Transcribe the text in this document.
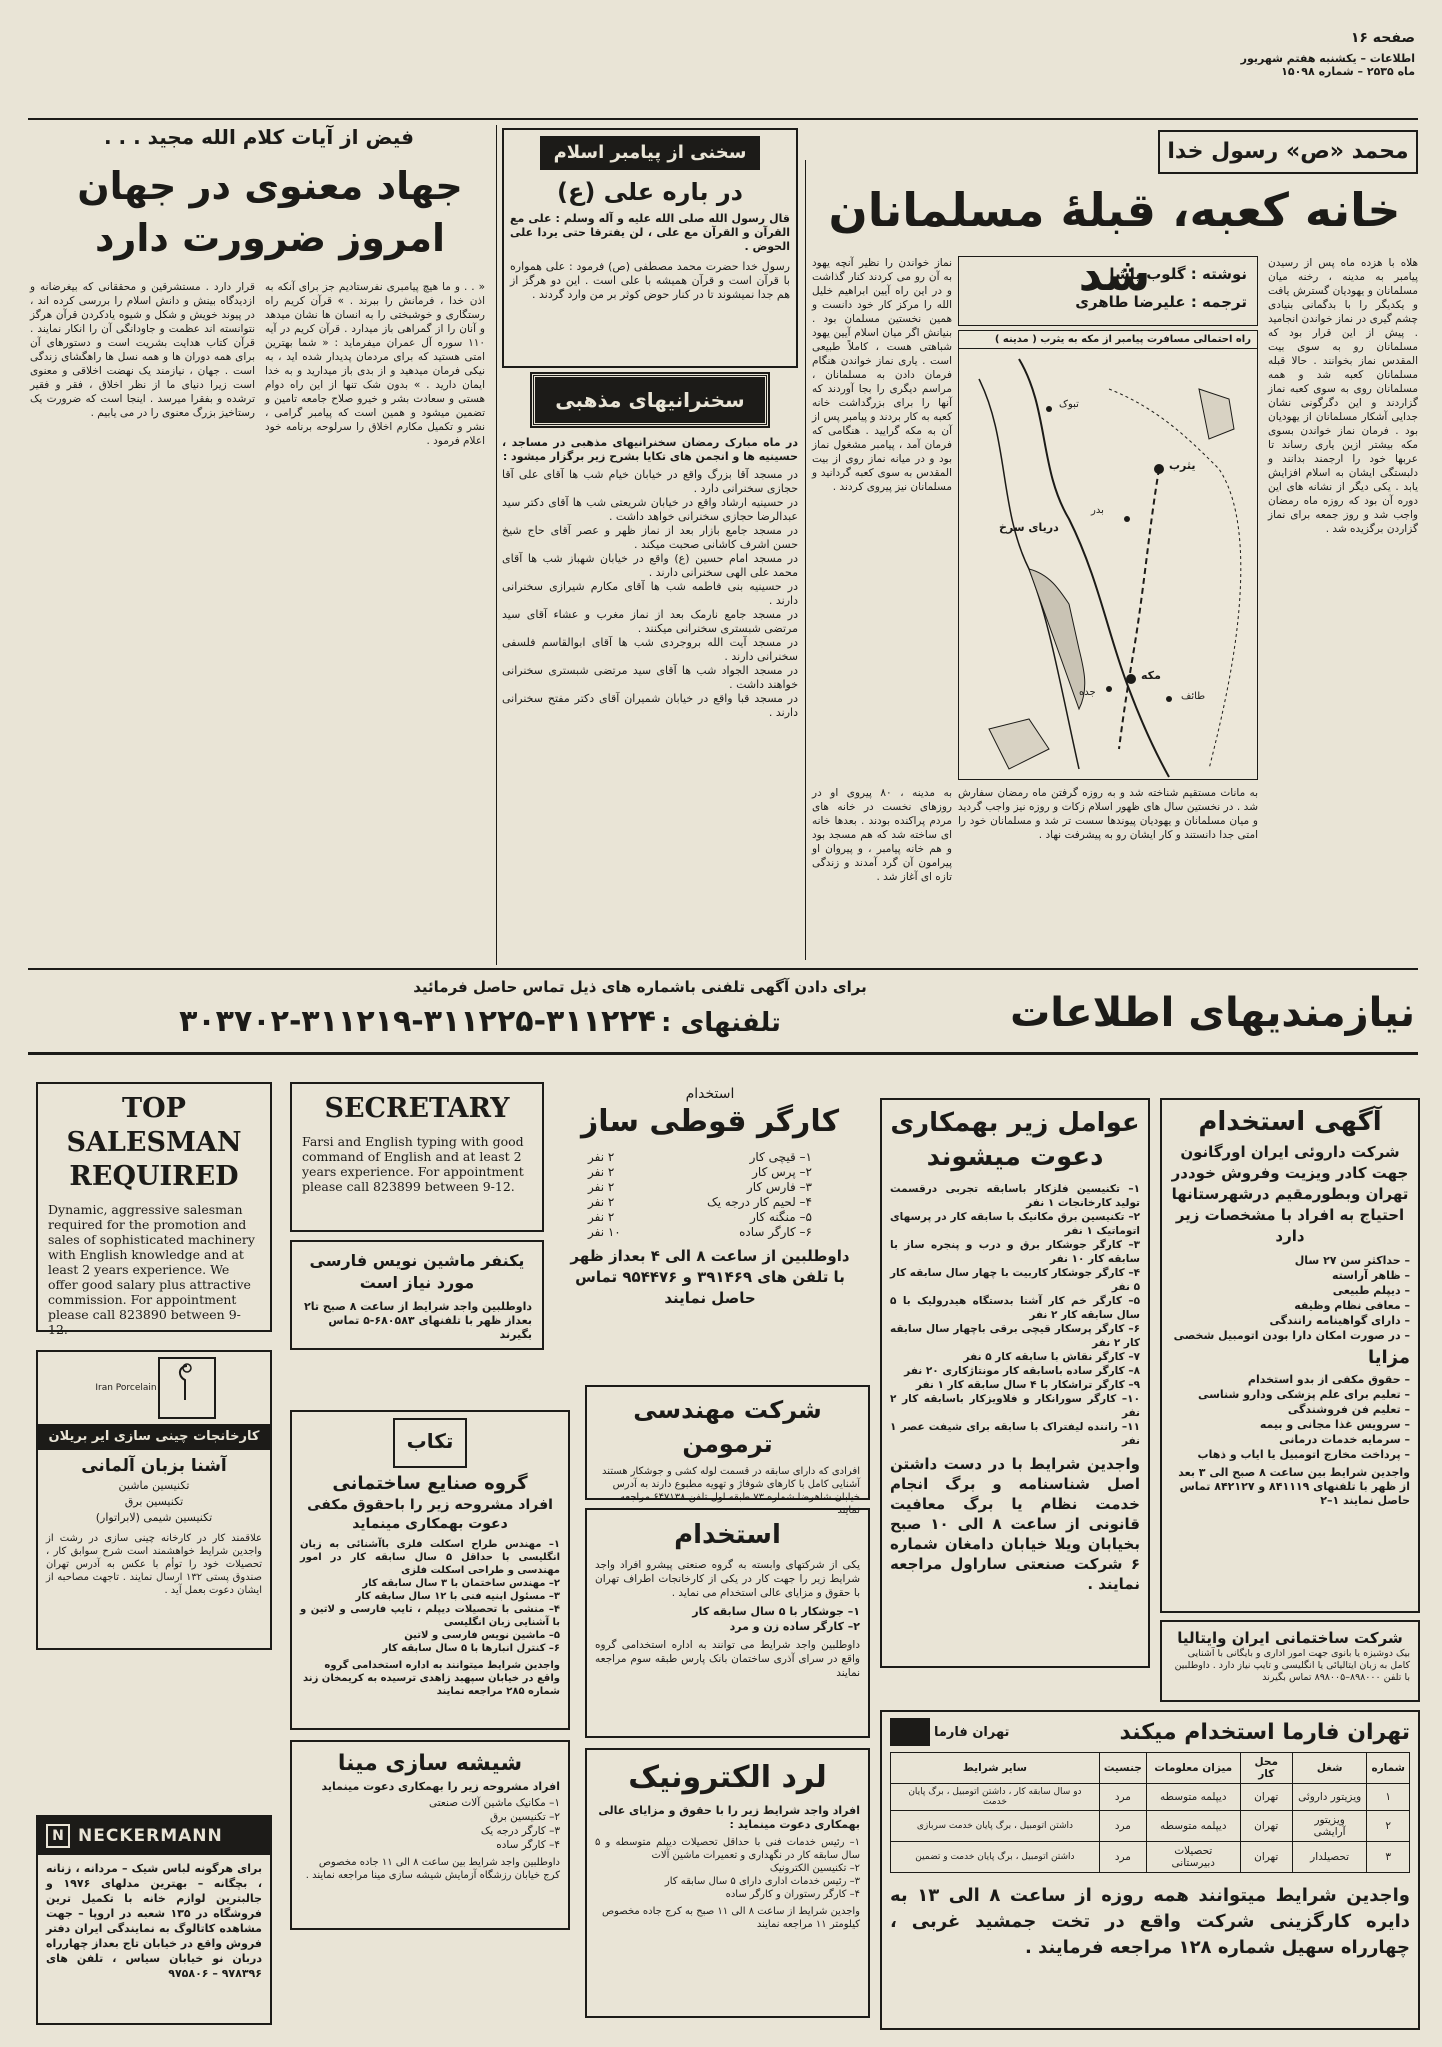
صفحه ۱۶
اطلاعات – یکشنبه هفتم شهریور
ماه ۲۵۳۵ – شماره ۱۵۰۹۸
محمد «ص» رسول خدا
خانه کعبه، قبلهٔ مسلمانان شد
نوشته : گلوب پاشا
ترجمه : علیرضا طاهری
راه احتمالی مسافرت پیامبر از مکه به یثرب ( مدینه )
یثرب
مکه
دریای سرخ
جده	طائف
بدر
تبوک
هلاه با هزده ماه پس از رسیدن پیامبر به مدینه ، رخنه میان مسلمانان و یهودیان گسترش یافت و یکدیگر را با بدگمانی بنیادی چشم گیری در نماز خواندن انجامید . پیش از این قرار بود که مسلمانان رو به سوی بیت المقدس نماز بخوانند . حالا قبله مسلمانان کعبه شد و همه مسلمانان روی به سوی کعبه نماز گزاردند و این دگرگونی نشان جدایی آشکار مسلمانان از یهودیان بود . فرمان نماز خواندن بسوی مکه بیشتر ازین یاری رساند تا عربها خود را ارجمند بدانند و دلبستگی ایشان به اسلام افزایش یابد . یکی دیگر از نشانه های این دوره آن بود که روزه ماه رمضان واجب شد و روز جمعه برای نماز گزاردن برگزیده شد .
نماز خواندن را نظیر آنچه یهود به آن رو می کردند کنار گذاشت و در این راه آیین ابراهیم خلیل الله را مرکز کار خود دانست و همین نخستین مسلمان بود . بنیانش اگر میان اسلام آیین یهود شباهتی هست ، کاملاً طبیعی است . یاری نماز خواندن هنگام فرمان دادن به مسلمانان ، مراسم دیگری را بجا آوردند که آنها را برای بزرگداشت خانه کعبه به کار بردند و پیامبر پس از آن به مکه گرایید . هنگامی که فرمان آمد ، پیامبر مشغول نماز بود و در میانه نماز روی از بیت المقدس به سوی کعبه گردانید و مسلمانان نیز پیروی کردند .
به مدینه ، ۸۰ پیروی او در روزهای نخست در خانه های مردم پراکنده بودند . بعدها خانه ای ساخته شد که هم مسجد بود و هم خانه پیامبر ، و پیروان او پیرامون آن گرد آمدند و زندگی تازه ای آغاز شد .
به مانات مستقیم شناخته شد و به روزه گرفتن ماه رمضان سفارش شد . در نخستین سال های ظهور اسلام زکات و روزه نیز واجب گردید و میان مسلمانان و یهودیان پیوندها سست تر شد و مسلمانان خود را امتی جدا دانستند و کار ایشان رو به پیشرفت نهاد .
سخنی از پیامبر اسلام
در باره علی (ع)
قال رسول الله صلی الله علیه و آله وسلم : علی مع القرآن و القرآن مع علی ، لن یفترقا حتی یردا علی الحوض .
رسول خدا حضرت محمد مصطفی (ص) فرمود : علی همواره با قرآن است و قرآن همیشه با علی است . این دو هرگز از هم جدا نمیشوند تا در کنار حوض کوثر بر من وارد گردند .
سخنرانیهای مذهبی
در ماه مبارک رمضان سخنرانیهای مذهبی در مساجد ، حسینیه ها و انجمن های تکایا بشرح زیر برگزار میشود :
در مسجد آقا بزرگ واقع در خیابان خیام شب ها آقای علی آقا حجازی سخنرانی دارد .
در حسینیه ارشاد واقع در خیابان شریعتی شب ها آقای دکتر سید عبدالرضا حجازی سخنرانی خواهد داشت .
در مسجد جامع بازار بعد از نماز ظهر و عصر آقای حاج شیخ حسن اشرف کاشانی صحبت میکند .
در مسجد امام حسین (ع) واقع در خیابان شهباز شب ها آقای محمد علی الهی سخنرانی دارند .
در حسینیه بنی فاطمه شب ها آقای مکارم شیرازی سخنرانی دارند .
در مسجد جامع نارمک بعد از نماز مغرب و عشاء آقای سید مرتضی شبستری سخنرانی میکنند .
در مسجد آیت الله بروجردی شب ها آقای ابوالقاسم فلسفی سخنرانی دارند .
در مسجد الجواد شب ها آقای سید مرتضی شبستری سخنرانی خواهند داشت .
در مسجد قبا واقع در خیابان شمیران آقای دکتر مفتح سخنرانی دارند .
فیض از آیات کلام الله مجید . . .
جهاد معنوی در جهان امروز ضرورت دارد
« . . و ما هیچ پیامبری نفرستادیم جز برای آنکه به اذن خدا ، فرمانش را ببرند . » قرآن کریم راه رستگاری و خوشبختی را به انسان ها نشان میدهد و آنان را از گمراهی باز میدارد . قرآن کریم در آیه ۱۱۰ سوره آل عمران میفرماید : « شما بهترین امتی هستید که برای مردمان پدیدار شده اید ، به نیکی فرمان میدهید و از بدی باز میدارید و به خدا ایمان دارید . » بدون شک تنها از این راه دوام هستی و سعادت بشر و خیرو صلاح جامعه تامین و تضمین میشود و همین است که پیامبر گرامی ، نشر و تکمیل مکارم اخلاق را سرلوحه برنامه خود اعلام فرمود .
قرار دارد . مستشرقین و محققانی که بیغرضانه و ازدیدگاه بینش و دانش اسلام را بررسی کرده اند ، در پیوند خویش و شکل و شیوه یادکردن قرآن هرگز نتوانسته اند عظمت و جاودانگی آن را انکار نمایند . قرآن کتاب هدایت بشریت است و دستورهای آن برای همه دوران ها و همه نسل ها راهگشای زندگی است . جهان ، نیازمند یک نهضت اخلاقی و معنوی است زیرا دنیای ما از نظر اخلاق ، فقر و فقیر ترشده و بفقرا میرسد . اینجا است که ضرورت یک رستاخیز بزرگ معنوی را در می یابیم .
برای دادن آگهی تلفنی باشماره های ذیل تماس حاصل فرمائید
تلفنهای : ۳۱۱۲۲۴-۳۱۱۲۲۵-۳۱۱۲۱۹-۳۰۳۷۰۲	نیازمندیهای اطلاعات
TOP SALESMAN
REQUIRED
Dynamic, aggressive salesman required for the promotion and sales of sophisticated machinery with English knowledge and at least 2 years experience. We offer good salary plus attractive commission. For appointment please call 823890 between 9-12.
SECRETARY
Farsi and English typing with good command of English and at least 2 years experience. For appointment please call 823899 between 9-12.
یکنفر ماشین نویس فارسی مورد نیاز است
داوطلبین واجد شرایط از ساعت ۸ صبح تا۲ بعداز ظهر با تلفنهای ۶۸۰۵۸۳-۵ تماس بگیرند
استخدام
کارگر قوطی ساز
۱– قیچی کار
۲ نفر
۲– پرس کار
۲ نفر
۳– فارس کار
۲ نفر
۴– لحیم کار درجه یک
۲ نفر
۵– منگنه کار
۲ نفر
۶– کارگر ساده
۱۰ نفر
داوطلبین از ساعت ۸ الی ۴ بعداز ظهر با تلفن های ۳۹۱۴۶۹ و ۹۵۴۴۷۶ تماس حاصل نمایند
عوامل زیر بهمکاری دعوت میشوند
۱– تکنیسین فلزکار باسابقه تجربی درقسمت تولید کارخانجات ۱ نفر
۲– تکنیسین برق مکانیک با سابقه کار در پرسهای اتوماتیک ۱ نفر
۳– کارگر جوشکار برق و درب و پنجره ساز با سابقه کار ۱۰ نفر
۴– کارگر جوشکار کاربیت با چهار سال سابقه کار ۵ نفر
۵– کارگر خم کار آشنا بدستگاه هیدرولیک با ۵ سال سابقه کار ۲ نفر
۶– کارگر پرسکار قیچی برقی باچهار سال سابقه کار ۲ نفر
۷– کارگر نقاش با سابقه کار ۵ نفر
۸– کارگر ساده باسابقه کار مونتاژکاری ۲۰ نفر
۹– کارگر تراشکار با ۴ سال سابقه کار ۱ نفر
۱۰– کارگر سورانکار و فلاویزکار باسابقه کار ۲ نفر
۱۱– راننده لیفتراک با سابقه برای شیفت عصر ۱ نفر
واجدین شرایط با در دست داشتن اصل شناسنامه و برگ انجام خدمت نظام یا برگ معافیت قانونی از ساعت ۸ الی ۱۰ صبح بخیابان ویلا خیابان دامغان شماره ۶ شرکت صنعتی ساراول مراجعه نمایند .
آگهی استخدام
شرکت داروئی ایران اورگانون جهت کادر ویزیت وفروش خوددر تهران وبطورمقیم درشهرستانها احتیاج به افراد با مشخصات زیر دارد
– حداکثر سن ۲۷ سال
– ظاهر آراسته
– دیپلم طبیعی
– معافی نظام وظیفه
– دارای گواهینامه رانندگی
– در صورت امکان دارا بودن اتومبیل شخصی
مزایا
– حقوق مکفی از بدو استخدام
– تعلیم برای علم پزشکی ودارو شناسی
– تعلیم فن فروشندگی
– سرویس غذا مجانی و بیمه
– سرمایه خدمات درمانی
– پرداخت مخارج اتومبیل یا ایاب و ذهاب
واجدین شرایط بین ساعت ۸ صبح الی ۳ بعد از ظهر با تلفنهای ۸۴۱۱۱۹ و ۸۴۲۱۲۷ تماس حاصل نمایند ۱–۲
شرکت ساختمانی ایران وایتالیا
بیک دوشیزه یا بانوی جهت امور اداری و بایگانی با آشنایی کامل به زبان ایتالیائی یا انگلیسی و تایپ نیاز دارد . داوطلبین با تلفن ۸۹۸۰۰۰–۸۹۸۰۰۵ تماس بگیرند
شرکت مهندسی ترمومن
افرادی که دارای سابقه در قسمت لوله کشی و جوشکار هستند آشنایی کامل با کارهای شوفاژ و تهویه مطبوع دارند به آدرس خیابان شاهرضا شماره ۷۳ طبقه اول تلفن ۶۴۷۱۳۸ مراجعه نمایند
استخدام
یکی از شرکتهای وابسته به گروه صنعتی پیشرو افراد واجد شرایط زیر را جهت کار در یکی از کارخانجات اطراف تهران با حقوق و مزایای عالی استخدام می نماید .
۱– جوشکار با ۵ سال سابقه کار
۲– کارگر ساده زن و مرد
داوطلبین واجد شرایط می توانند به اداره استخدامی گروه واقع در سرای آذری ساختمان بانک پارس طبقه سوم مراجعه نمایند
Iran Porcelain
کارخانجات چینی سازی ایر بریلان
آشنا بزبان آلمانی
تکنیسین ماشین
تکنیسین برق
تکنیسین شیمی (لابراتوار)
علاقمند کار در کارخانه چینی سازی در رشت از واجدین شرایط خواهشمند است شرح سوابق کار ، تحصیلات خود را توأم با عکس به آدرس تهران صندوق پستی ۱۳۲ ارسال نمایند . تاجهت مصاحبه از ایشان دعوت بعمل آید .
تکاب
گروه صنایع ساختمانی
افراد مشروحه زیر را باحقوق مکفی دعوت بهمکاری مینماید
۱– مهندس طراح اسکلت فلزی باآشنائی به زبان انگلیسی با حداقل ۵ سال سابقه کار در امور مهندسی و طراحی اسکلت فلزی
۲– مهندس ساختمان با ۳ سال سابقه کار
۳– مسئول ابنیه فنی با ۱۲ سال سابقه کار
۴– منشی با تحصیلات دیپلم ، تایپ فارسی و لاتین و با آشنایی زبان انگلیسی
۵– ماشین نویس فارسی و لاتین
۶– کنترل انبارها با ۵ سال سابقه کار
واجدین شرایط میتوانند به اداره استخدامی گروه واقع در خیابان سپهبد زاهدی ترسیده به کریمخان زند شماره ۲۸۵ مراجعه نمایند
لرد الکترونیک
افراد واجد شرایط زیر را با حقوق و مزایای عالی بهمکاری دعوت مینماید :
۱– رئیس خدمات فنی با حداقل تحصیلات دیپلم متوسطه و ۵ سال سابقه کار در نگهداری و تعمیرات ماشین آلات
۲– تکنیسین الکترونیک
۳– رئیس خدمات اداری دارای ۵ سال سابقه کار
۴– کارگر رستوران و کارگر ساده
واجدین شرایط از ساعت ۸ الی ۱۱ صبح به کرج جاده مخصوص کیلومتر ۱۱ مراجعه نمایند
شیشه سازی مینا
افراد مشروحه زیر را بهمکاری دعوت مینماید
۱– مکانیک ماشین آلات صنعتی
۲– تکنیسین برق
۳– کارگر درجه یک
۴– کارگر ساده
داوطلبین واجد شرایط بین ساعت ۸ الی ۱۱ جاده مخصوص کرج خیابان رزشگاه آزمایش شیشه سازی مینا مراجعه نمایند .
N NECKERMANN
برای هرگونه لباس شیک – مردانه ، زنانه ، بچگانه – بهترین مدلهای ۱۹۷۶ و جالبترین لوازم خانه با تکمیل ترین فروشگاه در ۱۳۵ شعبه در اروپا – جهت مشاهده کاتالوگ به نمایندگی ایران دفتر فروش واقع در خیابان تاج بعداز چهارراه دربان نو خیابان سیاس ، تلفن های ۹۷۸۳۹۶ – ۹۷۵۸۰۶
تهران فارما استخدام میکند
تهران فارما
شماره	شغل	محل کار	میزان معلومات	جنسیت	سایر شرایط
۱	ویزیتور داروئی	تهران	دیپلمه متوسطه	مرد	دو سال سابقه کار ، داشتن اتومبیل ، برگ پایان خدمت
۲	ویزیتور آرایشی	تهران	دیپلمه متوسطه	مرد	داشتن اتومبیل ، برگ پایان خدمت سربازی
۳	تحصیلدار	تهران	تحصیلات دبیرستانی	مرد	داشتن اتومبیل ، برگ پایان خدمت و تضمین
واجدین شرایط میتوانند همه روزه از ساعت ۸ الی ۱۳ به دایره کارگزینی شرکت واقع در تخت جمشید غربی ، چهارراه سهیل شماره ۱۲۸ مراجعه فرمایند .
